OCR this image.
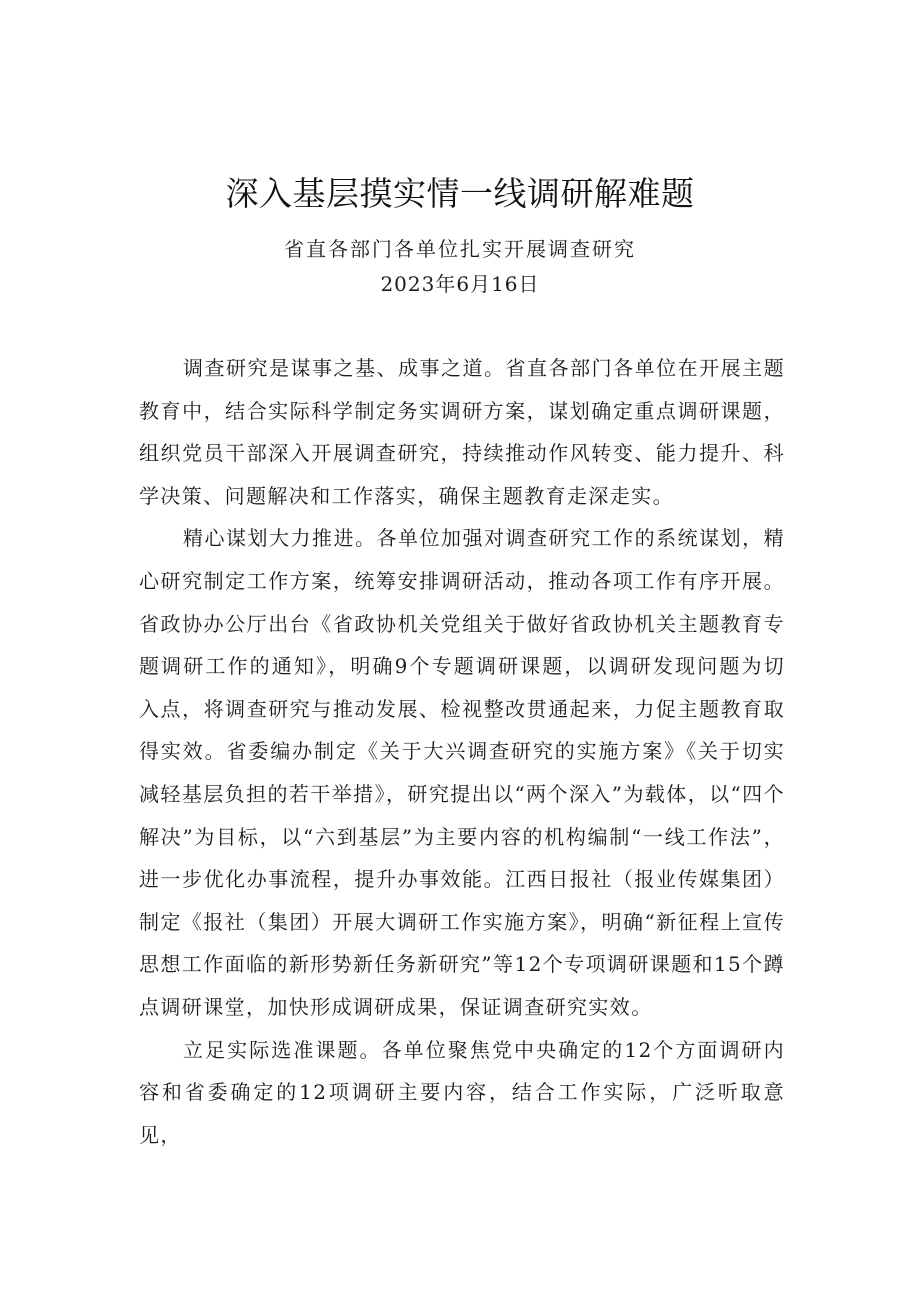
深入基层摸实情一线调研解难题
省直各部门各单位扎实开展调查研究
2023年6月16日

调查研究是谋事之基、成事之道。省直各部门各单位在开展主题教育中，结合实际科学制定务实调研方案，谋划确定重点调研课题，组织党员干部深入开展调查研究，持续推动作风转变、能力提升、科学决策、问题解决和工作落实，确保主题教育走深走实。

精心谋划大力推进。各单位加强对调查研究工作的系统谋划，精心研究制定工作方案，统筹安排调研活动，推动各项工作有序开展。省政协办公厅出台《省政协机关党组关于做好省政协机关主题教育专题调研工作的通知》，明确9个专题调研课题，以调研发现问题为切入点，将调查研究与推动发展、检视整改贯通起来，力促主题教育取得实效。省委编办制定《关于大兴调查研究的实施方案》《关于切实减轻基层负担的若干举措》，研究提出以“两个深入”为载体，以“四个解决”为目标，以“六到基层”为主要内容的机构编制“一线工作法”，进一步优化办事流程，提升办事效能。江西日报社（报业传媒集团）制定《报社（集团）开展大调研工作实施方案》，明确“新征程上宣传思想工作面临的新形势新任务新研究”等12个专项调研课题和15个蹲点调研课堂，加快形成调研成果，保证调查研究实效。

立足实际选准课题。各单位聚焦党中央确定的12个方面调研内容和省委确定的12项调研主要内容，结合工作实际，广泛听取意见，
